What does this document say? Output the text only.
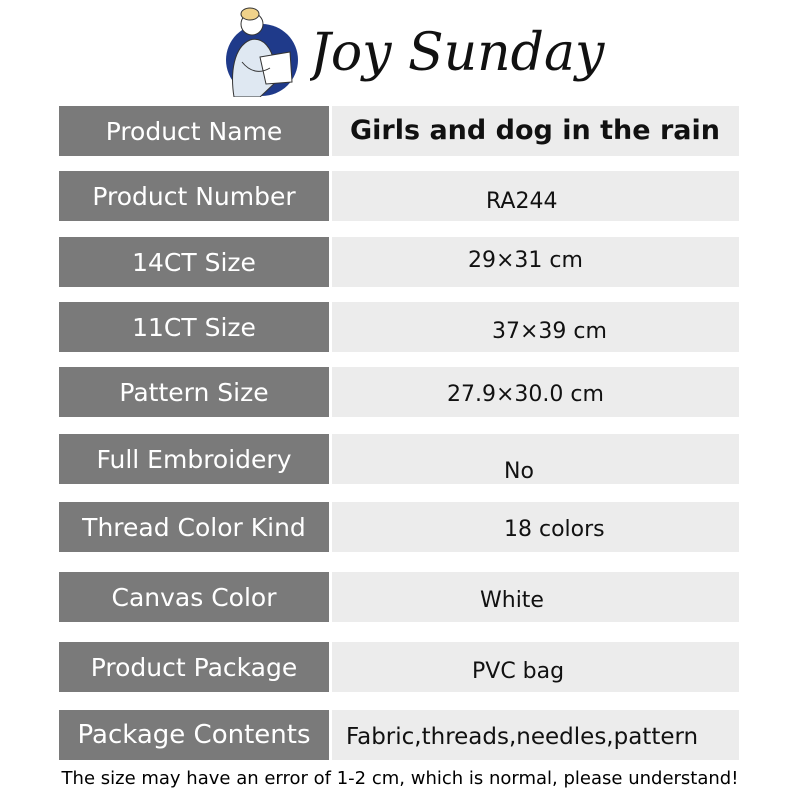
Joy Sunday
Product Name	Girls and dog in the rain
Product Number	RA244
14CT Size	29×31 cm
11CT Size	37×39 cm
Pattern Size	27.9×30.0 cm
Full Embroidery	No
Thread Color Kind	18 colors
Canvas Color	White
Product Package	PVC bag
Package Contents	Fabric,threads,needles,pattern
The size may have an error of 1-2 cm, which is normal, please understand!
